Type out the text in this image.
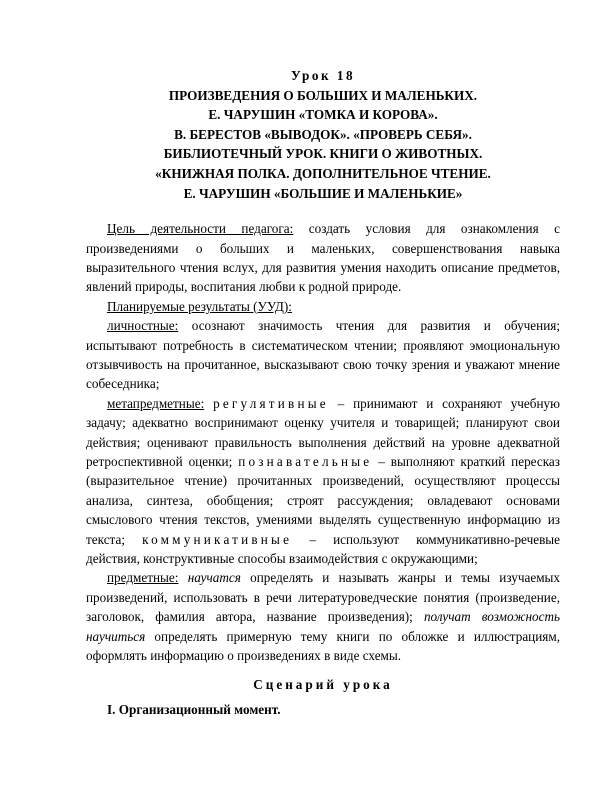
Урок 18
ПРОИЗВЕДЕНИЯ О БОЛЬШИХ И МАЛЕНЬКИХ.
Е. ЧАРУШИН «ТОМКА И КОРОВА».
В. БЕРЕСТОВ «ВЫВОДОК». «ПРОВЕРЬ СЕБЯ».
БИБЛИОТЕЧНЫЙ УРОК. КНИГИ О ЖИВОТНЫХ.
«КНИЖНАЯ ПОЛКА. ДОПОЛНИТЕЛЬНОЕ ЧТЕНИЕ.
Е. ЧАРУШИН «БОЛЬШИЕ И МАЛЕНЬКИЕ»

Цель деятельности педагога: создать условия для ознакомления с произведениями о больших и маленьких, совершенствования навыка выразительного чтения вслух, для развития умения находить описание предметов, явлений природы, воспитания любви к родной природе.

Планируемые результаты (УУД):

личностные: осознают значимость чтения для развития и обучения; испытывают потребность в систематическом чтении; проявляют эмоциональную отзывчивость на прочитанное, высказывают свою точку зрения и уважают мнение собеседника;

метапредметные: регулятивные – принимают и сохраняют учебную задачу; адекватно воспринимают оценку учителя и товарищей; планируют свои действия; оценивают правильность выполнения действий на уровне адекватной ретроспективной оценки; познавательные – выполняют краткий пересказ (выразительное чтение) прочитанных произведений, осуществляют процессы анализа, синтеза, обобщения; строят рассуждения; овладевают основами смыслового чтения текстов, умениями выделять существенную информацию из текста; коммуникативные – используют коммуникативно-речевые действия, конструктивные способы взаимодействия с окружающими;

предметные: научатся определять и называть жанры и темы изучаемых произведений, использовать в речи литературоведческие понятия (произведение, заголовок, фамилия автора, название произведения); получат возможность научиться определять примерную тему книги по обложке и иллюстрациям, оформлять информацию о произведениях в виде схемы.

Сценарий урока

I. Организационный момент.
